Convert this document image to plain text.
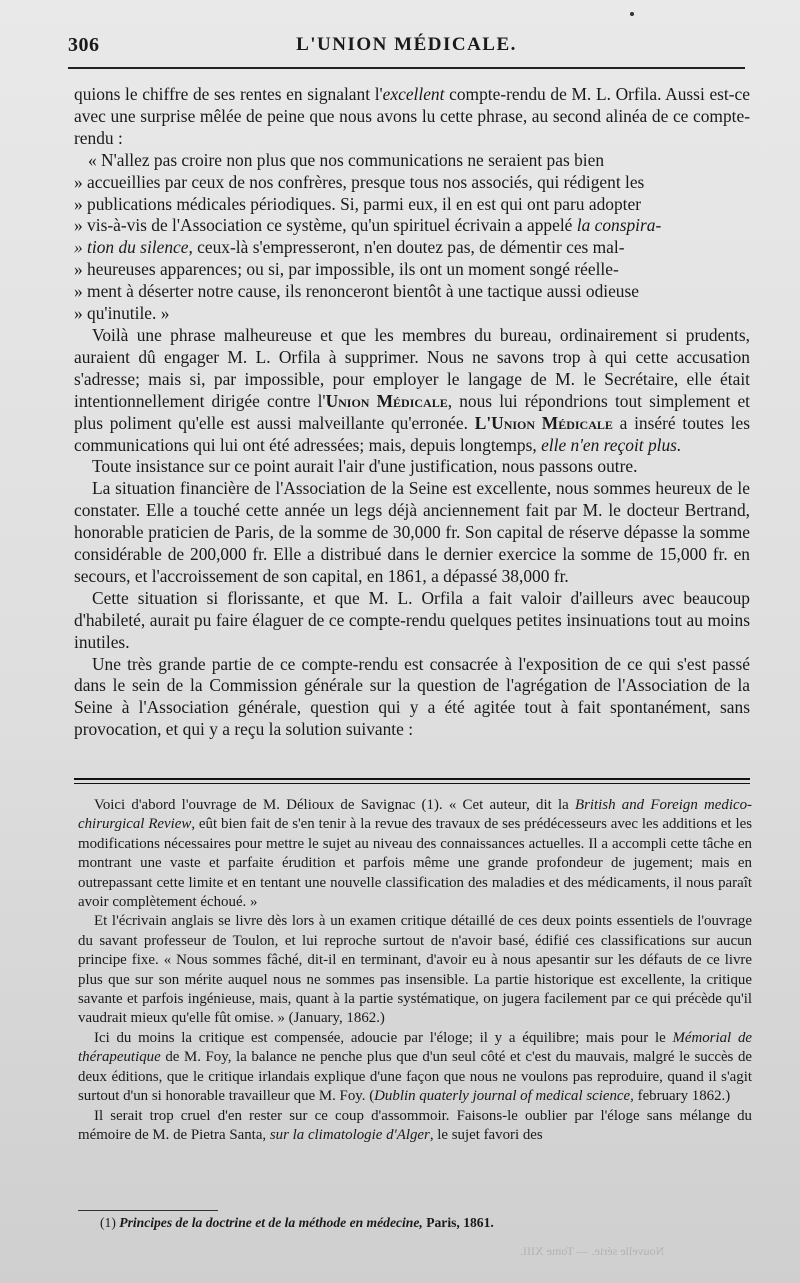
306	L'UNION MÉDICALE.

quions le chiffre de ses rentes en signalant l'excellent compte-rendu de M. L. Orfila. Aussi est-ce avec une surprise mêlée de peine que nous avons lu cette phrase, au second alinéa de ce compte-rendu :

« N'allez pas croire non plus que nos communications ne seraient pas bien

» accueillies par ceux de nos confrères, presque tous nos associés, qui rédigent les
» publications médicales périodiques. Si, parmi eux, il en est qui ont paru adopter
» vis-à-vis de l'Association ce système, qu'un spirituel écrivain a appelé la conspira-
» tion du silence, ceux-là s'empresseront, n'en doutez pas, de démentir ces mal-
» heureuses apparences; ou si, par impossible, ils ont un moment songé réelle-
» ment à déserter notre cause, ils renonceront bientôt à une tactique aussi odieuse
» qu'inutile. »

Voilà une phrase malheureuse et que les membres du bureau, ordinairement si prudents, auraient dû engager M. L. Orfila à supprimer. Nous ne savons trop à qui cette accusation s'adresse; mais si, par impossible, pour employer le langage de M. le Secrétaire, elle était intentionnellement dirigée contre l'Union Médicale, nous lui répondrions tout simplement et plus poliment qu'elle est aussi malveillante qu'erronée. L'Union Médicale a inséré toutes les communications qui lui ont été adressées; mais, depuis longtemps, elle n'en reçoit plus.

Toute insistance sur ce point aurait l'air d'une justification, nous passons outre.

La situation financière de l'Association de la Seine est excellente, nous sommes heureux de le constater. Elle a touché cette année un legs déjà anciennement fait par M. le docteur Bertrand, honorable praticien de Paris, de la somme de 30,000 fr. Son capital de réserve dépasse la somme considérable de 200,000 fr. Elle a distribué dans le dernier exercice la somme de 15,000 fr. en secours, et l'accroissement de son capital, en 1861, a dépassé 38,000 fr.

Cette situation si florissante, et que M. L. Orfila a fait valoir d'ailleurs avec beaucoup d'habileté, aurait pu faire élaguer de ce compte-rendu quelques petites insinuations tout au moins inutiles.

Une très grande partie de ce compte-rendu est consacrée à l'exposition de ce qui s'est passé dans le sein de la Commission générale sur la question de l'agrégation de l'Association de la Seine à l'Association générale, question qui y a été agitée tout à fait spontanément, sans provocation, et qui y a reçu la solution suivante :

Voici d'abord l'ouvrage de M. Délioux de Savignac (1). « Cet auteur, dit la British and Foreign medico-chirurgical Review, eût bien fait de s'en tenir à la revue des travaux de ses prédécesseurs avec les additions et les modifications nécessaires pour mettre le sujet au niveau des connaissances actuelles. Il a accompli cette tâche en montrant une vaste et parfaite érudition et parfois même une grande profondeur de jugement; mais en outrepassant cette limite et en tentant une nouvelle classification des maladies et des médicaments, il nous paraît avoir complètement échoué. »

Et l'écrivain anglais se livre dès lors à un examen critique détaillé de ces deux points essentiels de l'ouvrage du savant professeur de Toulon, et lui reproche surtout de n'avoir basé, édifié ces classifications sur aucun principe fixe. « Nous sommes fâché, dit-il en terminant, d'avoir eu à nous apesantir sur les défauts de ce livre plus que sur son mérite auquel nous ne sommes pas insensible. La partie historique est excellente, la critique savante et parfois ingénieuse, mais, quant à la partie systématique, on jugera facilement par ce qui précède qu'il vaudrait mieux qu'elle fût omise. » (January, 1862.)

Ici du moins la critique est compensée, adoucie par l'éloge; il y a équilibre; mais pour le Mémorial de thérapeutique de M. Foy, la balance ne penche plus que d'un seul côté et c'est du mauvais, malgré le succès de deux éditions, que le critique irlandais explique d'une façon que nous ne voulons pas reproduire, quand il s'agit surtout d'un si honorable travailleur que M. Foy. (Dublin quaterly journal of medical science, february 1862.)

Il serait trop cruel d'en rester sur ce coup d'assommoir. Faisons-le oublier par l'éloge sans mélange du mémoire de M. de Pietra Santa, sur la climatologie d'Alger, le sujet favori des

(1) Principes de la doctrine et de la méthode en médecine, Paris, 1861.
Nouvelle série. — Tome XIII.
